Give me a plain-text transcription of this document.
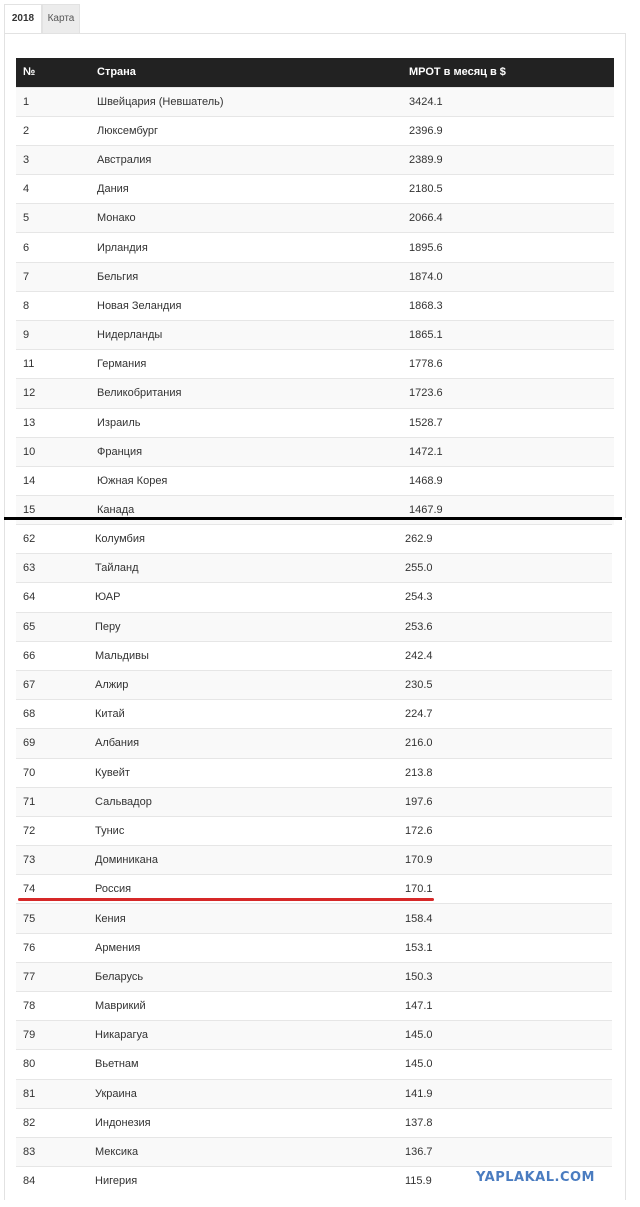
2018	Карта
№	Страна	МРОТ в месяц в $
1	Швейцария (Невшатель)	3424.1
2	Люксембург	2396.9
3	Австралия	2389.9
4	Дания	2180.5
5	Монако	2066.4
6	Ирландия	1895.6
7	Бельгия	1874.0
8	Новая Зеландия	1868.3
9	Нидерланды	1865.1
11	Германия	1778.6
12	Великобритания	1723.6
13	Израиль	1528.7
10	Франция	1472.1
14	Южная Корея	1468.9
15	Канада	1467.9
62	Колумбия	262.9
63	Тайланд	255.0
64	ЮАР	254.3
65	Перу	253.6
66	Мальдивы	242.4
67	Алжир	230.5
68	Китай	224.7
69	Албания	216.0
70	Кувейт	213.8
71	Сальвадор	197.6
72	Тунис	172.6
73	Доминикана	170.9
74	Россия	170.1
75	Кения	158.4
76	Армения	153.1
77	Беларусь	150.3
78	Маврикий	147.1
79	Никарагуа	145.0
80	Вьетнам	145.0
81	Украина	141.9
82	Индонезия	137.8
83	Мексика	136.7
84	Нигерия	115.9	YAPLAKAL.COM
